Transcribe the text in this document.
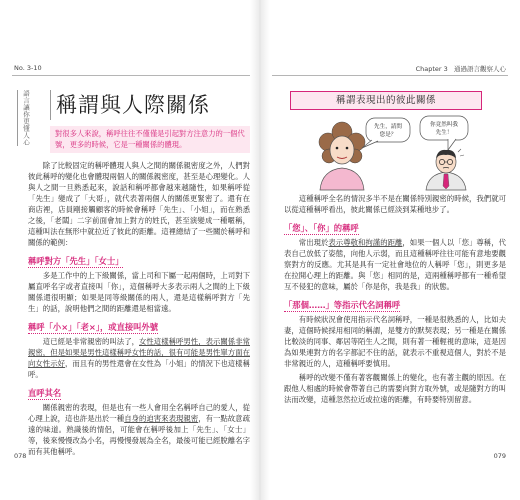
No. 3-10
語言讓你更懂人心 稱謂與人際關係
對很多人來說，稱呼往往不僅僅是引起對方注意力的一個代號，更多的時候，它是一種關係的體現。

除了比較固定的稱呼體現人與人之間的關係親密度之外，人們對彼此稱呼的變化也會體現兩個人的關係親密度，甚至是心理變化。人與人之間一旦熟悉起來，說話和稱呼都會越來越隨性，如果稱呼從「先生」變成了「大哥」，就代表著兩個人的關係更緊密了。還有在商店裡，店員剛接觸顧客的時候會稱呼「先生」、「小姐」，而在熟悉之後，「老闆」二字前面會加上對方的姓氏，甚至演變成一種暱稱，這種叫法在無形中就拉近了彼此的距離。這裡總結了一些關於稱呼和關係的範例：

稱呼對方「先生」「女士」

多是工作中的上下級關係，當上司和下屬一起兩個時，上司對下屬直呼名字或者直接叫「你」，這個稱呼大多表示兩人之間的上下級關係還很明顯；如果是同等級關係的兩人，還是這樣稱呼對方「先生」的話，說明他們之間的距離還是相當遠。

稱呼「小×」「老×」，或直接叫外號

這已經是非常親密的叫法了，女性這樣稱呼男性，表示關係非常親密，但是如果是男性這樣稱呼女性的話，很有可能是男性單方面在向女性示好，而且有的男性還會在女性為「小姐」的情況下也這樣稱呼。

直呼其名

關係親密的表現，但是也有一些人會用全名稱呼自己的愛人，從心理上說，這也許是出於一種自身的迫害來表現親密，有一點故意疏遠的味道。熟識後的情侶，可能會在稱呼後加上「先生」、「女士」等，後來慢慢改為小名，再慢慢發展為全名，最後可能已經脫離名字而有其他稱呼。

078
Chapter 3 通過語言觀察人心
稱謂表現出的彼此關係
先生，請問
您是？
你竟然叫我
先生！

這種稱呼全名的情況多半不是在關係特別親密的時候，我們就可以從這種稱呼看出，彼此關係已經淡到某種地步了。

「您」、「你」的稱呼

常出現於表示尊敬和拘謹的距離，如果一個人以「您」尊稱，代表自己放低了姿態，向他人示弱，而且這種稱呼往往可能有意地要觀察對方的反應。尤其是具有一定社會地位的人稱呼「您」，則更多是在拉開心理上的距離。與「您」相同的是，這兩種稱呼都有一種希望互不侵犯的意味，屬於「你是你，我是我」的狀態。

「那個……」等指示代名詞稱呼

有時候狀況會使用指示代名詞稱呼，一種是很熟悉的人，比如夫妻，這個時候採用相同的稱謂，是雙方的默契表現；另一種是在關係比較淡的同事、鄰居等陌生人之間，則有著一種輕視的意味，這是因為如果連對方的名字都記不住的話，就表示不重視這個人，對於不是非常親近的人，這種稱呼要慎用。

稱呼的改變不僅有著客觀關係上的變化，也有著主觀的原因。在跟他人相處的時候會帶著自己的需要向對方取外號，或是隨對方的叫法而改變，這種忽然拉近或拉遠的距離，有時要特別留意。

079
